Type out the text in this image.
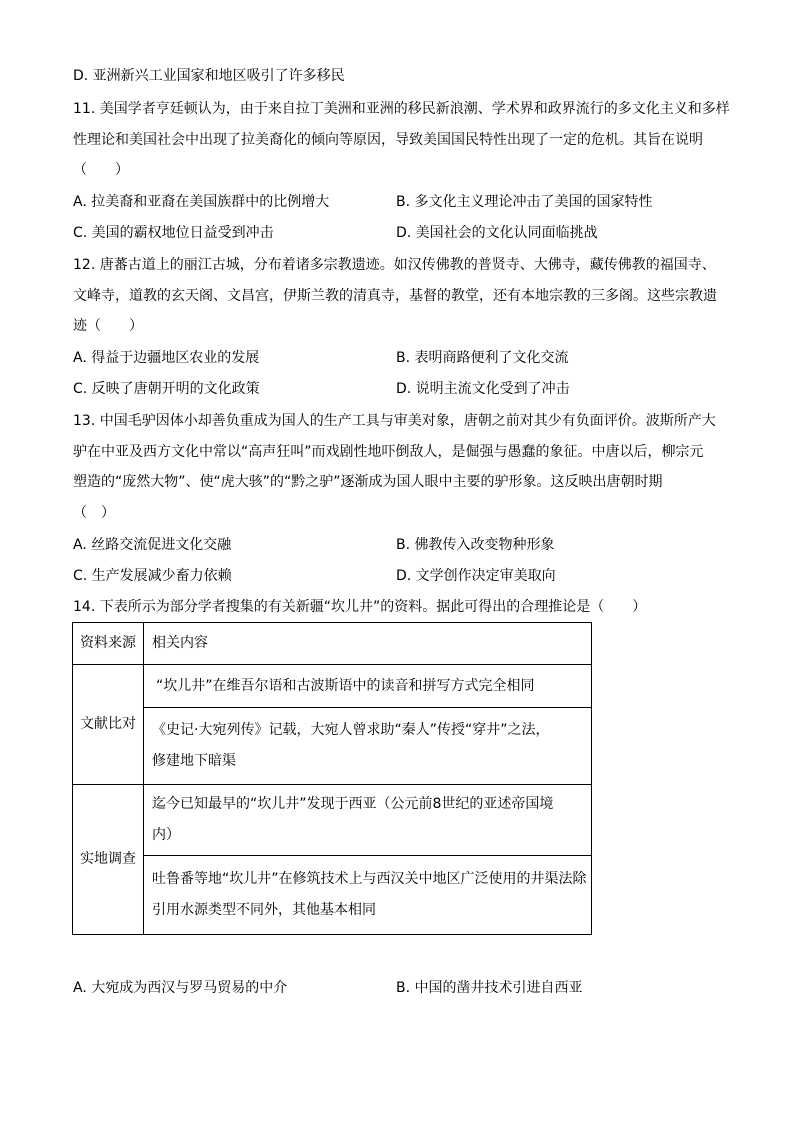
D. 亚洲新兴工业国家和地区吸引了许多移民
11. 美国学者亨廷顿认为，由于来自拉丁美洲和亚洲的移民新浪潮、学术界和政界流行的多文化主义和多样
性理论和美国社会中出现了拉美裔化的倾向等原因，导致美国国民特性出现了一定的危机。其旨在说明
（　　）
A. 拉美裔和亚裔在美国族群中的比例增大	B. 多文化主义理论冲击了美国的国家特性
C. 美国的霸权地位日益受到冲击	D. 美国社会的文化认同面临挑战
12. 唐蕃古道上的丽江古城，分布着诸多宗教遗迹。如汉传佛教的普贤寺、大佛寺，藏传佛教的福国寺、
文峰寺，道教的玄天阁、文昌宫，伊斯兰教的清真寺，基督的教堂，还有本地宗教的三多阁。这些宗教遗
迹（　　）
A. 得益于边疆地区农业的发展	B. 表明商路便利了文化交流
C. 反映了唐朝开明的文化政策	D. 说明主流文化受到了冲击
13. 中国毛驴因体小却善负重成为国人的生产工具与审美对象，唐朝之前对其少有负面评价。波斯所产大
驴在中亚及西方文化中常以“高声狂叫”而戏剧性地吓倒敌人，是倔强与愚蠢的象征。中唐以后，柳宗元
塑造的“庞然大物”、使“虎大骇”的“黔之驴”逐渐成为国人眼中主要的驴形象。这反映出唐朝时期
（　）
A. 丝路交流促进文化交融	B. 佛教传入改变物种形象
C. 生产发展减少畜力依赖	D. 文学创作决定审美取向
14. 下表所示为部分学者搜集的有关新疆“坎儿井”的资料。据此可得出的合理推论是（　　）
资料来源	相关内容
文献比对	“坎儿井”在维吾尔语和古波斯语中的读音和拼写方式完全相同

	《史记·大宛列传》记载，大宛人曾求助“秦人”传授“穿井”之法，修建地下暗渠

实地调查	迄今已知最早的“坎儿井”发现于西亚（公元前8世纪的亚述帝国境内）

	吐鲁番等地“坎儿井”在修筑技术上与西汉关中地区广泛使用的井渠法除引用水源类型不同外，其他基本相同
A. 大宛成为西汉与罗马贸易的中介	B. 中国的凿井技术引进自西亚
